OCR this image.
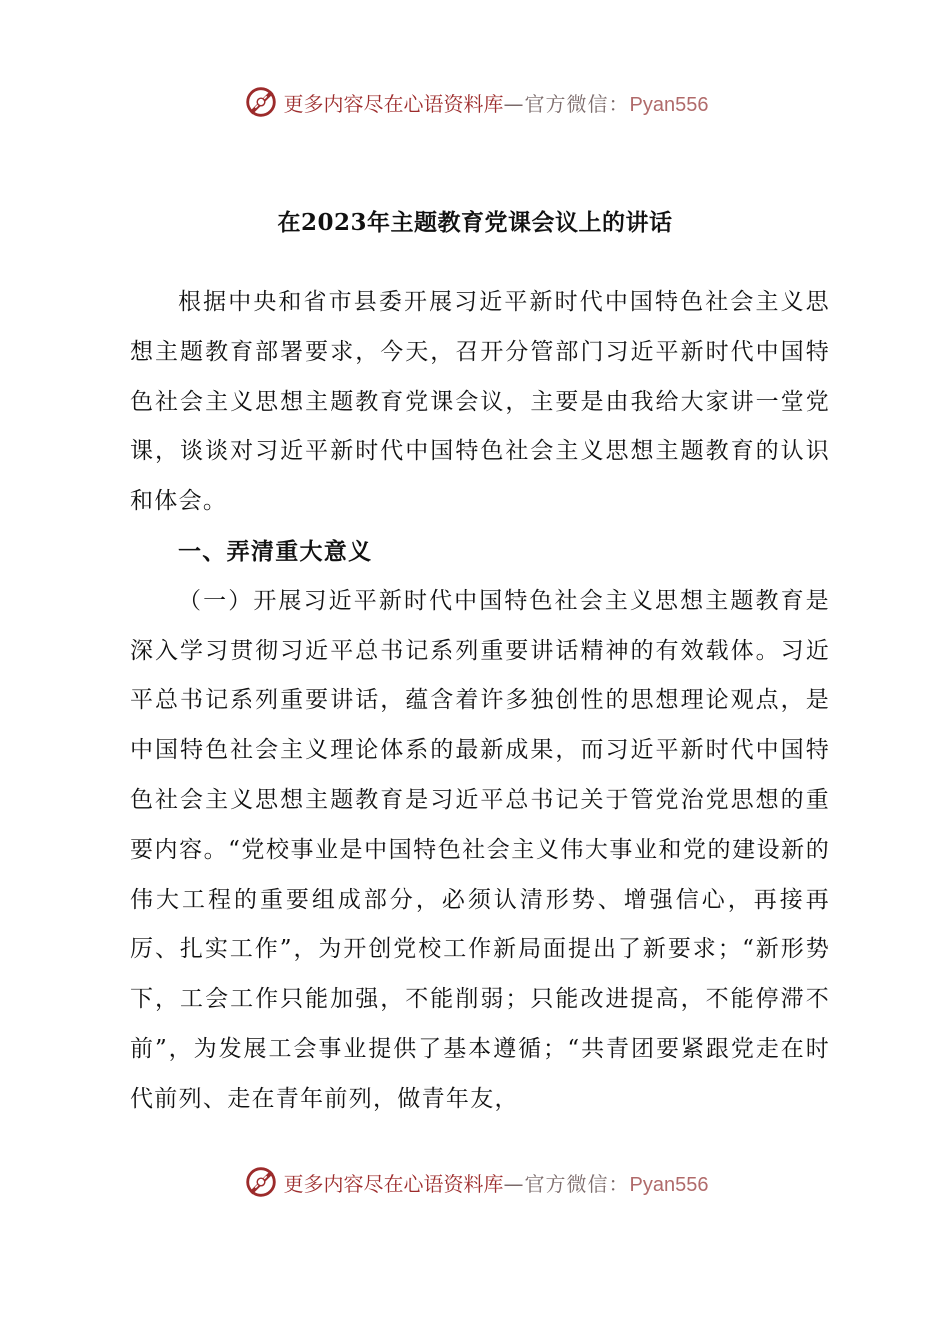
更多内容尽在心语资料库—官方微信：Pyan556
在2023年主题教育党课会议上的讲话

根据中央和省市县委开展习近平新时代中国特色社会主义思想主题教育部署要求，今天，召开分管部门习近平新时代中国特色社会主义思想主题教育党课会议，主要是由我给大家讲一堂党课，谈谈对习近平新时代中国特色社会主义思想主题教育的认识和体会。

一、弄清重大意义

（一）开展习近平新时代中国特色社会主义思想主题教育是深入学习贯彻习近平总书记系列重要讲话精神的有效载体。习近平总书记系列重要讲话，蕴含着许多独创性的思想理论观点，是中国特色社会主义理论体系的最新成果，而习近平新时代中国特色社会主义思想主题教育是习近平总书记关于管党治党思想的重要内容。“党校事业是中国特色社会主义伟大事业和党的建设新的伟大工程的重要组成部分，必须认清形势、增强信心，再接再厉、扎实工作”，为开创党校工作新局面提出了新要求；“新形势下，工会工作只能加强，不能削弱；只能改进提高，不能停滞不前”，为发展工会事业提供了基本遵循；“共青团要紧跟党走在时代前列、走在青年前列，做青年友，

更多内容尽在心语资料库—官方微信：Pyan556
